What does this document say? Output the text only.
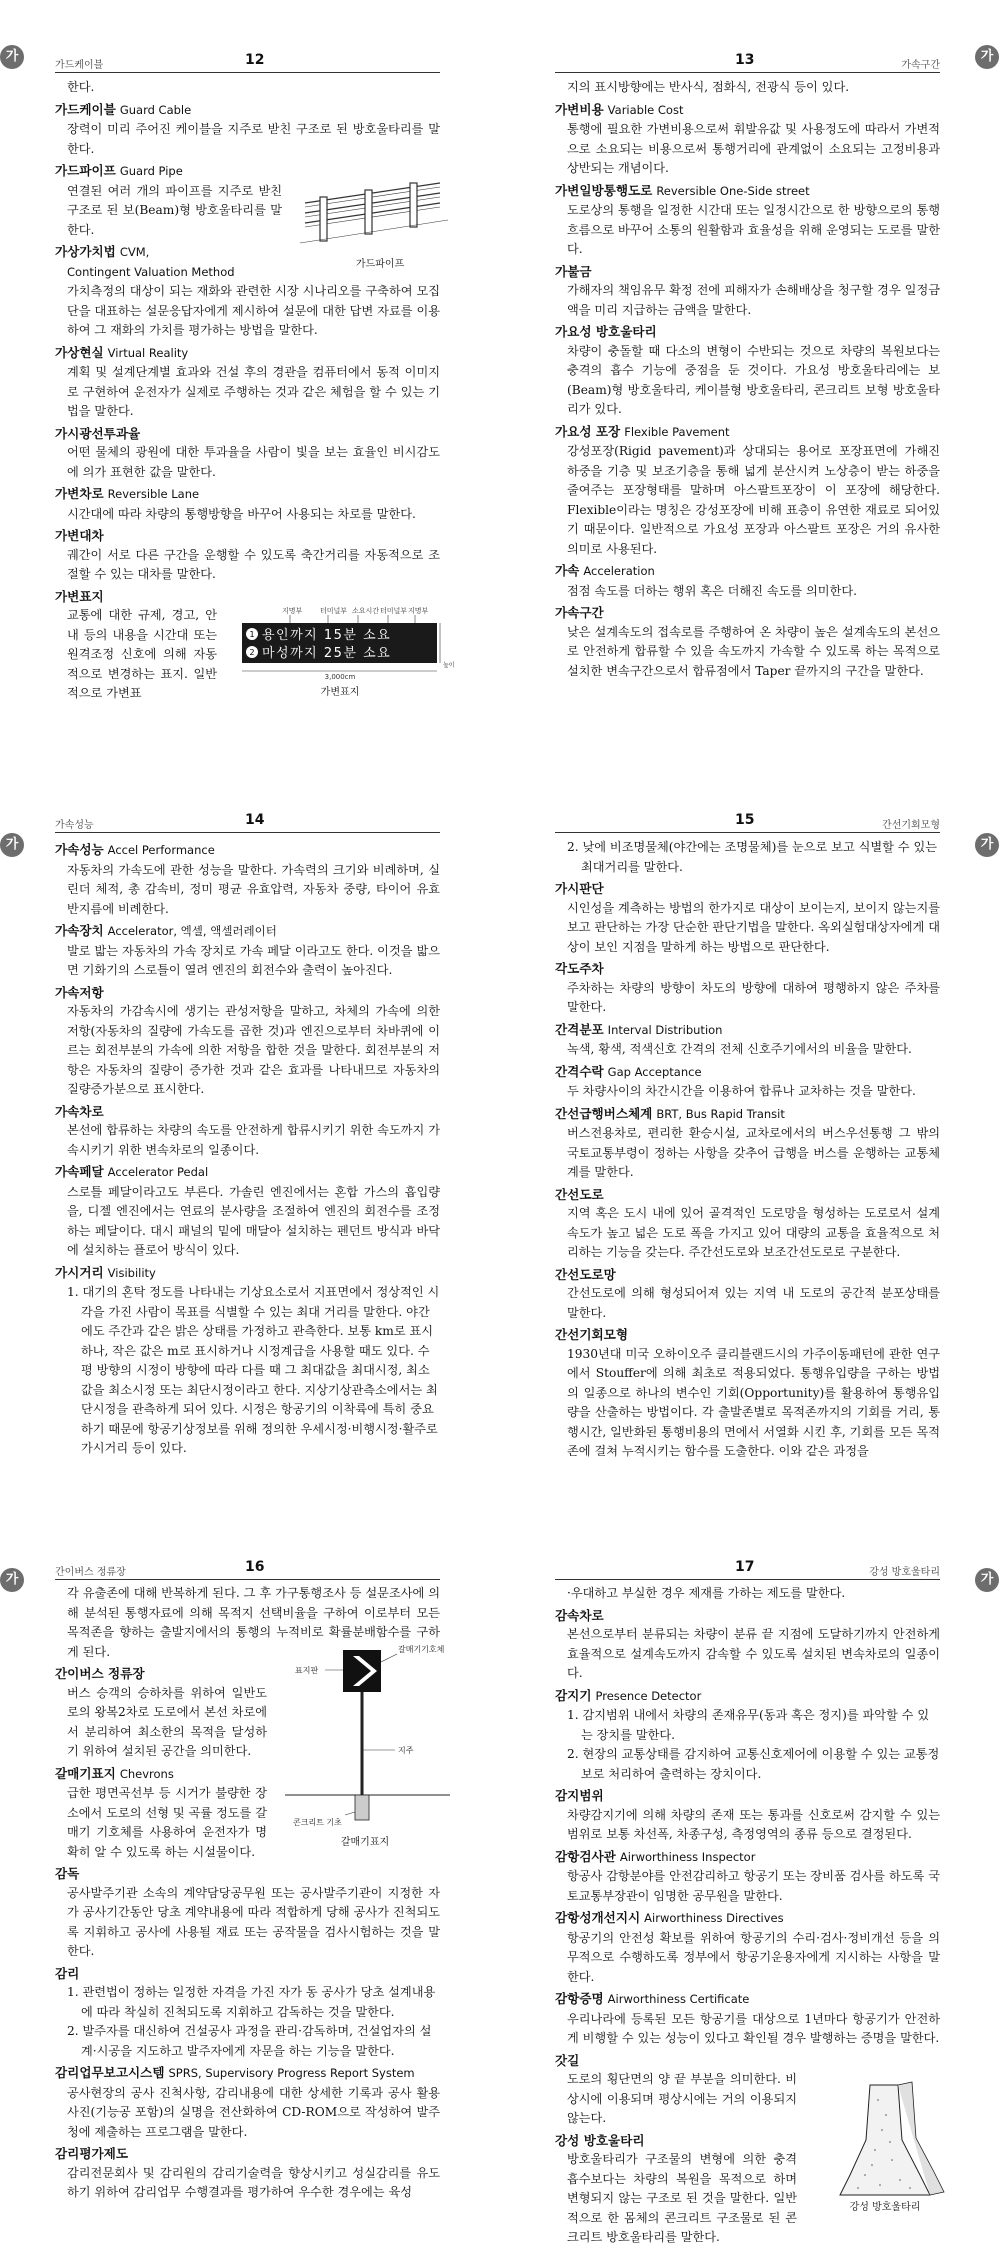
가
가드케이블	12
한다.
가드케이블 Guard Cable
장력이 미리 주어진 케이블을 지주로 받친 구조로 된 방호울타리를 말한다.
가드파이프 Guard Pipe
연결된 여러 개의 파이프를 지주로 받친 구조로 된 보(Beam)형 방호울타리를 말한다.
가상가치법 CVM,
Contingent Valuation Method
가치측정의 대상이 되는 재화와 관련한 시장 시나리오를 구축하여 모집단을 대표하는 설문응답자에게 제시하여 설문에 대한 답변 자료를 이용하여 그 재화의 가치를 평가하는 방법을 말한다.
가상현실 Virtual Reality
계획 및 설계단계별 효과와 건설 후의 경관을 컴퓨터에서 동적 이미지로 구현하여 운전자가 실제로 주행하는 것과 같은 체험을 할 수 있는 기법을 말한다.
가시광선투과율
어떤 물체의 광원에 대한 투과율을 사람이 빛을 보는 효율인 비시감도에 의가 표현한 값을 말한다.
가변차로 Reversible Lane
시간대에 따라 차량의 통행방향을 바꾸어 사용되는 차로를 말한다.
가변대차
궤간이 서로 다른 구간을 운행할 수 있도록 축간거리를 자동적으로 조절할 수 있는 대차를 말한다.
가변표지
교통에 대한 규제, 경고, 안내 등의 내용을 시간대 또는 원격조정 신호에 의해 자동적으로 변경하는 표지. 일반적으로 가변표
가드파이프
지명부	터미널부 소요시간 터미널부 지명부
1
2
용인까지 15분 소요
마성까지 25분 소요
3,000cm
높이
가변표지
가
13	가속구간
지의 표시방향에는 반사식, 점화식, 전광식 등이 있다.
가변비용 Variable Cost
통행에 필요한 가변비용으로써 휘발유값 및 사용정도에 따라서 가변적으로 소요되는 비용으로써 통행거리에 관계없이 소요되는 고정비용과 상반되는 개념이다.
가변일방통행도로 Reversible One-Side street
도로상의 통행을 일정한 시간대 또는 일정시간으로 한 방향으로의 통행흐름으로 바꾸어 소통의 원활함과 효율성을 위해 운영되는 도로를 말한다.
가불금
가해자의 책임유무 확정 전에 피해자가 손해배상을 청구할 경우 일정금액을 미리 지급하는 금액을 말한다.
가요성 방호울타리
차량이 충돌할 때 다소의 변형이 수반되는 것으로 차량의 복원보다는 충격의 흡수 기능에 중점을 둔 것이다. 가요성 방호울타리에는 보(Beam)형 방호울타리, 케이블형 방호울타리, 콘크리트 보형 방호울타리가 있다.
가요성 포장 Flexible Pavement
강성포장(Rigid pavement)과 상대되는 용어로 포장표면에 가해진 하중을 기층 및 보조기층을 통해 넓게 분산시켜 노상층이 받는 하중을 줄여주는 포장형태를 말하며 아스팔트포장이 이 포장에 해당한다. Flexible이라는 명칭은 강성포장에 비해 표층이 유연한 재료로 되어있기 때문이다. 일반적으로 가요성 포장과 아스팔트 포장은 거의 유사한 의미로 사용된다.
가속 Acceleration
점점 속도를 더하는 행위 혹은 더해진 속도를 의미한다.
가속구간
낮은 설계속도의 접속로를 주행하여 온 차량이 높은 설계속도의 본선으로 안전하게 합류할 수 있을 속도까지 가속할 수 있도록 하는 목적으로 설치한 변속구간으로서 합류점에서 Taper 끝까지의 구간을 말한다.
가
가속성능	14
가속성능 Accel Performance
자동차의 가속도에 관한 성능을 말한다. 가속력의 크기와 비례하며, 실린더 체적, 총 감속비, 정미 평균 유효압력, 자동차 중량, 타이어 유효 반지름에 비례한다.
가속장치 Accelerator, 엑셀, 액셀러레이터
발로 밟는 자동차의 가속 장치로 가속 페달 이라고도 한다. 이것을 밟으면 기화기의 스로틀이 열려 엔진의 회전수와 출력이 높아진다.
가속저항
자동차의 가감속시에 생기는 관성저항을 말하고, 차체의 가속에 의한 저항(자동차의 질량에 가속도를 곱한 것)과 엔진으로부터 차바퀴에 이르는 회전부분의 가속에 의한 저항을 합한 것을 말한다. 회전부분의 저항은 자동차의 질량이 증가한 것과 같은 효과를 나타내므로 자동차의 질량증가분으로 표시한다.
가속차로
본선에 합류하는 차량의 속도를 안전하게 합류시키기 위한 속도까지 가속시키기 위한 변속차로의 일종이다.
가속페달 Accelerator Pedal
스로틀 페달이라고도 부른다. 가솔린 엔진에서는 혼합 가스의 흡입량을, 디젤 엔진에서는 연료의 분사량을 조절하여 엔진의 회전수를 조정하는 페달이다. 대시 패널의 밑에 매달아 설치하는 펜던트 방식과 바닥에 설치하는 플로어 방식이 있다.
가시거리 Visibility
1. 대기의 혼탁 정도를 나타내는 기상요소로서 지표면에서 정상적인 시각을 가진 사람이 목표를 식별할 수 있는 최대 거리를 말한다. 야간에도 주간과 같은 밝은 상태를 가정하고 관측한다. 보통 km로 표시하나, 작은 값은 m로 표시하거나 시정계급을 사용할 때도 있다. 수평 방향의 시정이 방향에 따라 다를 때 그 최대값을 최대시정, 최소값을 최소시정 또는 최단시정이라고 한다. 지상기상관측소에서는 최단시정을 관측하게 되어 있다. 시정은 항공기의 이착륙에 특히 중요하기 때문에 항공기상정보를 위해 정의한 우세시정·비행시정·활주로 가시거리 등이 있다.
가
15	간선기회모형
2. 낮에 비조명물체(야간에는 조명물체)를 눈으로 보고 식별할 수 있는 최대거리를 말한다.
가시판단
시인성을 계측하는 방법의 한가지로 대상이 보이는지, 보이지 않는지를 보고 판단하는 가장 단순한 판단기법을 말한다. 옥외실험대상자에게 대상이 보인 지점을 말하게 하는 방법으로 판단한다.
각도주차
주차하는 차량의 방향이 차도의 방향에 대하여 평행하지 않은 주차를 말한다.
간격분포 Interval Distribution
녹색, 황색, 적색신호 간격의 전체 신호주기에서의 비율을 말한다.
간격수락 Gap Acceptance
두 차량사이의 차간시간을 이용하여 합류나 교차하는 것을 말한다.
간선급행버스체계 BRT, Bus Rapid Transit
버스전용차로, 편리한 환승시설, 교차로에서의 버스우선통행 그 밖의 국토교통부령이 정하는 사항을 갖추어 급행을 버스를 운행하는 교통체계를 말한다.
간선도로
지역 혹은 도시 내에 있어 골격적인 도로망을 형성하는 도로로서 설계속도가 높고 넓은 도로 폭을 가지고 있어 대량의 교통을 효율적으로 처리하는 기능을 갖는다. 주간선도로와 보조간선도로로 구분한다.
간선도로망
간선도로에 의해 형성되어져 있는 지역 내 도로의 공간적 분포상태를 말한다.
간선기회모형
1930년대 미국 오하이오주 클리블랜드시의 가주이동패턴에 관한 연구에서 Stouffer에 의해 최초로 적용되었다. 통행유입량을 구하는 방법의 일종으로 하나의 변수인 기회(Opportunity)를 활용하여 통행유입량을 산출하는 방법이다. 각 출발존별로 목적존까지의 기회를 거리, 통행시간, 일반화된 통행비용의 면에서 서열화 시킨 후, 기회를 모든 목적존에 걸쳐 누적시키는 함수를 도출한다. 이와 같은 과정을
가	간이버스 정류장	16
각 유출존에 대해 반복하게 된다. 그 후 가구통행조사 등 설문조사에 의해 분석된 통행자료에 의해 목적지 선택비율을 구하여 이로부터 모든 목적존을 향하는 출발지에서의 통행의 누적비로 확률분배함수를 구하게 된다.
간이버스 정류장
버스 승객의 승하차를 위하여 일반도로의 왕복2차로 도로에서 본선 차로에서 분리하여 최소한의 목적을 달성하기 위하여 설치된 공간을 의미한다.
갈매기표지 Chevrons
급한 평면곡선부 등 시거가 불량한 장소에서 도로의 선형 및 곡률 정도를 갈매기 기호체를 사용하여 운전자가 명확히 알 수 있도록 하는 시설물이다.
감독
공사발주기관 소속의 계약담당공무원 또는 공사발주기관이 지정한 자가 공사기간동안 당초 계약내용에 따라 적합하게 당해 공사가 진척되도록 지휘하고 공사에 사용될 재료 또는 공작물을 검사시험하는 것을 말한다.
감리
1. 관련법이 정하는 일정한 자격을 가진 자가 동 공사가 당초 설계내용에 따라 착실히 진척되도록 지휘하고 감독하는 것을 말한다.
2. 발주자를 대신하여 건설공사 과정을 관리·감독하며, 건설업자의 설계·시공을 지도하고 발주자에게 자문을 하는 기능을 말한다.
감리업무보고시스템 SPRS, Supervisory Progress Report System
공사현장의 공사 진척사항, 감리내용에 대한 상세한 기록과 공사 활용사진(기능공 포함)의 실명을 전산화하여 CD-ROM으로 작성하여 발주청에 제출하는 프로그램을 말한다.
감리평가제도
감리전문회사 및 감리원의 감리기술력을 향상시키고 성실감리를 유도하기 위하여 감리업무 수행결과를 평가하여 우수한 경우에는 육성
표지판
갈매기기호체
지주
콘크리트 기초
갈매기표지
가
17	강성 방호울타리
·우대하고 부실한 경우 제재를 가하는 제도를 말한다.
감속차로
본선으로부터 분류되는 차량이 분류 끝 지점에 도달하기까지 안전하게 효율적으로 설계속도까지 감속할 수 있도록 설치된 변속차로의 일종이다.
감지기 Presence Detector
1. 감지범위 내에서 차량의 존재유무(동과 혹은 정지)를 파악할 수 있는 장치를 말한다.
2. 현장의 교통상태를 감지하여 교통신호제어에 이용할 수 있는 교통정보로 처리하여 출력하는 장치이다.
감지범위
차량감지기에 의해 차량의 존재 또는 통과를 신호로써 감지할 수 있는 범위로 보통 차선폭, 차종구성, 측정영역의 종류 등으로 결정된다.
감항검사관 Airworthiness Inspector
항공사 감항분야를 안전감리하고 항공기 또는 장비품 검사를 하도록 국토교통부장관이 임명한 공무원을 말한다.
감항성개선지시 Airworthiness Directives
항공기의 안전성 확보를 위하여 항공기의 수리·검사·정비개선 등을 의무적으로 수행하도록 정부에서 항공기운용자에게 지시하는 사항을 말한다.
감항증명 Airworthiness Certificate
우리나라에 등록된 모든 항공기를 대상으로 1년마다 항공기가 안전하게 비행할 수 있는 성능이 있다고 확인될 경우 발행하는 증명을 말한다.
갓길
도로의 횡단면의 양 끝 부분을 의미한다. 비상시에 이용되며 평상시에는 거의 이용되지 않는다.
강성 방호울타리
방호울타리가 구조물의 변형에 의한 충격 흡수보다는 차량의 복원을 목적으로 하며 변형되지 않는 구조로 된 것을 말한다. 일반적으로 한 몸체의 콘크리트 구조물로 된 콘크리트 방호울타리를 말한다.
강성 방호울타리
